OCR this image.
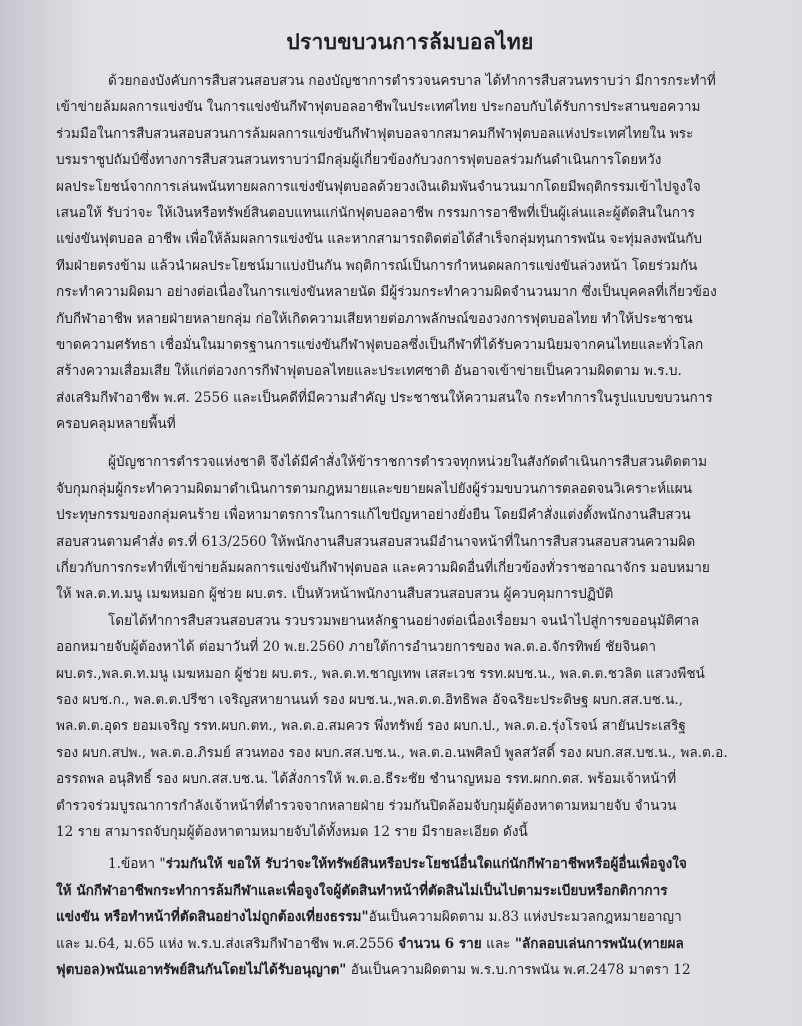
ปราบขบวนการล้มบอลไทย
ด้วยกองบังคับการสืบสวนสอบสวน กองบัญชาการตำรวจนครบาล ได้ทำการสืบสวนทราบว่า มีการกระทำที่
เข้าข่ายล้มผลการแข่งขัน ในการแข่งขันกีฬาฟุตบอลอาชีพในประเทศไทย ประกอบกับได้รับการประสานขอความ
ร่วมมือในการสืบสวนสอบสวนการล้มผลการแข่งขันกีฬาฟุตบอลจากสมาคมกีฬาฟุตบอลแห่งประเทศไทยใน พระ
บรมราชูปถัมป์ซึ่งทางการสืบสวนสวนทราบว่ามีกลุ่มผู้เกี่ยวข้องกับวงการฟุตบอลร่วมกันดำเนินการโดยหวัง
ผลประโยชน์จากการเล่นพนันทายผลการแข่งขันฟุตบอลด้วยวงเงินเดิมพันจำนวนมากโดยมีพฤติกรรมเข้าไปจูงใจ
เสนอให้ รับว่าจะ ให้เงินหรือทรัพย์สินตอบแทนแก่นักฟุตบอลอาชีพ กรรมการอาชีพที่เป็นผู้เล่นและผู้ตัดสินในการ
แข่งขันฟุตบอล อาชีพ เพื่อให้ล้มผลการแข่งขัน และหากสามารถติดต่อได้สำเร็จกลุ่มทุนการพนัน จะทุ่มลงพนันกับ
ทีมฝ่ายตรงข้าม แล้วนำผลประโยชน์มาแบ่งปันกัน พฤติการณ์เป็นการกำหนดผลการแข่งขันล่วงหน้า โดยร่วมกัน
กระทำความผิดมา อย่างต่อเนื่องในการแข่งขันหลายนัด มีผู้ร่วมกระทำความผิดจำนวนมาก ซึ่งเป็นบุคคลที่เกี่ยวข้อง
กับกีฬาอาชีพ หลายฝ่ายหลายกลุ่ม ก่อให้เกิดความเสียหายต่อภาพลักษณ์ของวงการฟุตบอลไทย ทำให้ประชาชน
ขาดความศรัทธา เชื่อมั่นในมาตรฐานการแข่งขันกีฬาฟุตบอลซึ่งเป็นกีฬาที่ได้รับความนิยมจากคนไทยและทั่วโลก
สร้างความเสื่อมเสีย ให้แก่ต่อวงการกีฬาฟุตบอลไทยและประเทศชาติ อันอาจเข้าข่ายเป็นความผิดตาม พ.ร.บ.
ส่งเสริมกีฬาอาชีพ พ.ศ. 2556 และเป็นคดีที่มีความสำคัญ ประชาชนให้ความสนใจ กระทำการในรูปแบบขบวนการ
ครอบคลุมหลายพื้นที่
ผู้บัญชาการตำรวจแห่งชาติ จึงได้มีคำสั่งให้ข้าราชการตำรวจทุกหน่วยในสังกัดดำเนินการสืบสวนติดตาม
จับกุมกลุ่มผู้กระทำความผิดมาดำเนินการตามกฎหมายและขยายผลไปยังผู้ร่วมขบวนการตลอดจนวิเคราะห์แผน
ประทุษกรรมของกลุ่มคนร้าย เพื่อหามาตรการในการแก้ไขปัญหาอย่างยั่งยืน โดยมีคำสั่งแต่งตั้งพนักงานสืบสวน
สอบสวนตามคำสั่ง ตร.ที่ 613/2560 ให้พนักงานสืบสวนสอบสวนมีอำนาจหน้าที่ในการสืบสวนสอบสวนความผิด
เกี่ยวกับการกระทำที่เข้าข่ายล้มผลการแข่งขันกีฬาฟุตบอล และความผิดอื่นที่เกี่ยวข้องทั่วราชอาณาจักร มอบหมาย
ให้ พล.ต.ท.มนู เมฆหมอก ผู้ช่วย ผบ.ตร. เป็นหัวหน้าพนักงานสืบสวนสอบสวน ผู้ควบคุมการปฏิบัติ
โดยได้ทำการสืบสวนสอบสวน รวบรวมพยานหลักฐานอย่างต่อเนื่องเรื่อยมา จนนำไปสู่การขออนุมัติศาล
ออกหมายจับผู้ต้องหาได้ ต่อมาวันที่ 20 พ.ย.2560 ภายใต้การอำนวยการของ พล.ต.อ.จักรทิพย์ ชัยจินดา
ผบ.ตร.,พล.ต.ท.มนู เมฆหมอก ผู้ช่วย ผบ.ตร., พล.ต.ท.ชาญเทพ เสสะเวช รรท.ผบช.น., พล.ต.ต.ชวลิต แสวงพืชน์
รอง ผบช.ก., พล.ต.ต.ปรีชา เจริญสหายานนท์ รอง ผบช.น.,พล.ต.ต.อิทธิพล อัจฉริยะประดิษฐ ผบก.สส.บช.น.,
พล.ต.ต.อุดร ยอมเจริญ รรท.ผบก.ตท., พล.ต.อ.สมควร พึ่งทรัพย์ รอง ผบก.ป., พล.ต.อ.รุ่งโรจน์ สายันประเสริฐ
รอง ผบก.สปพ., พล.ต.อ.ภิรมย์ สวนทอง รอง ผบก.สส.บช.น., พล.ต.อ.นพศิลป์ พูลสวัสดิ์ รอง ผบก.สส.บช.น., พล.ต.อ.
อรรถพล อนุสิทธิ์ รอง ผบก.สส.บช.น. ได้สั่งการให้ พ.ต.อ.ธีระชัย ชำนาญหมอ รรท.ผกก.ตส. พร้อมเจ้าหน้าที่
ตำรวจร่วมบูรณาการกำลังเจ้าหน้าที่ตำรวจจากหลายฝ่าย ร่วมกันปิดล้อมจับกุมผู้ต้องหาตามหมายจับ จำนวน
12 ราย สามารถจับกุมผู้ต้องหาตามหมายจับได้ทั้งหมด 12 ราย มีรายละเอียด ดังนี้
1.ข้อหา "ร่วมกันให้ ขอให้ รับว่าจะให้ทรัพย์สินหรือประโยชน์อื่นใดแก่นักกีฬาอาชีพหรือผู้อื่นเพื่อจูงใจ
ให้ นักกีฬาอาชีพกระทำการล้มกีฬาและเพื่อจูงใจผู้ตัดสินทำหน้าที่ตัดสินไม่เป็นไปตามระเบียบหรือกติกาการ
แข่งขัน หรือทำหน้าที่ตัดสินอย่างไม่ถูกต้องเที่ยงธรรม"อันเป็นความผิดตาม ม.83 แห่งประมวลกฎหมายอาญา
และ ม.64, ม.65 แห่ง พ.ร.บ.ส่งเสริมกีฬาอาชีพ พ.ศ.2556 จำนวน 6 ราย และ "ลักลอบเล่นการพนัน(ทายผล
ฟุตบอล)พนันเอาทรัพย์สินกันโดยไม่ได้รับอนุญาต" อันเป็นความผิดตาม พ.ร.บ.การพนัน พ.ศ.2478 มาตรา 12
